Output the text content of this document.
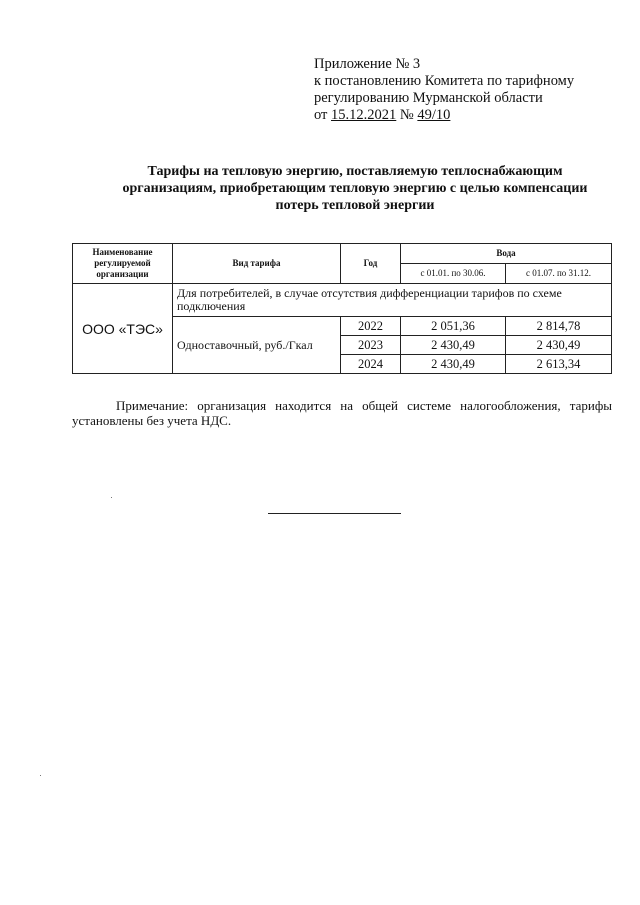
Приложение № 3
к постановлению Комитета по тарифному
регулированию Мурманской области
от 15.12.2021 № 49/10
Тарифы на тепловую энергию, поставляемую теплоснабжающим
организациям, приобретающим тепловую энергию с целью компенсации
потерь тепловой энергии
Наименование
регулируемой
организации	Вид тарифа	Год	Вода	
			с 01.01. по 30.06.	с 01.07. по 31.12.
ООО «ТЭС»	Для потребителей, в случае отсутствия дифференциации тарифов по схеме подключения			
	Одноставочный, руб./Гкал	2022	2 051,36	2 814,78
		2023	2 430,49	2 430,49
		2024	2 430,49	2 613,34
Примечание: организация находится на общей системе налогообложения, тарифы установлены без учета НДС.
